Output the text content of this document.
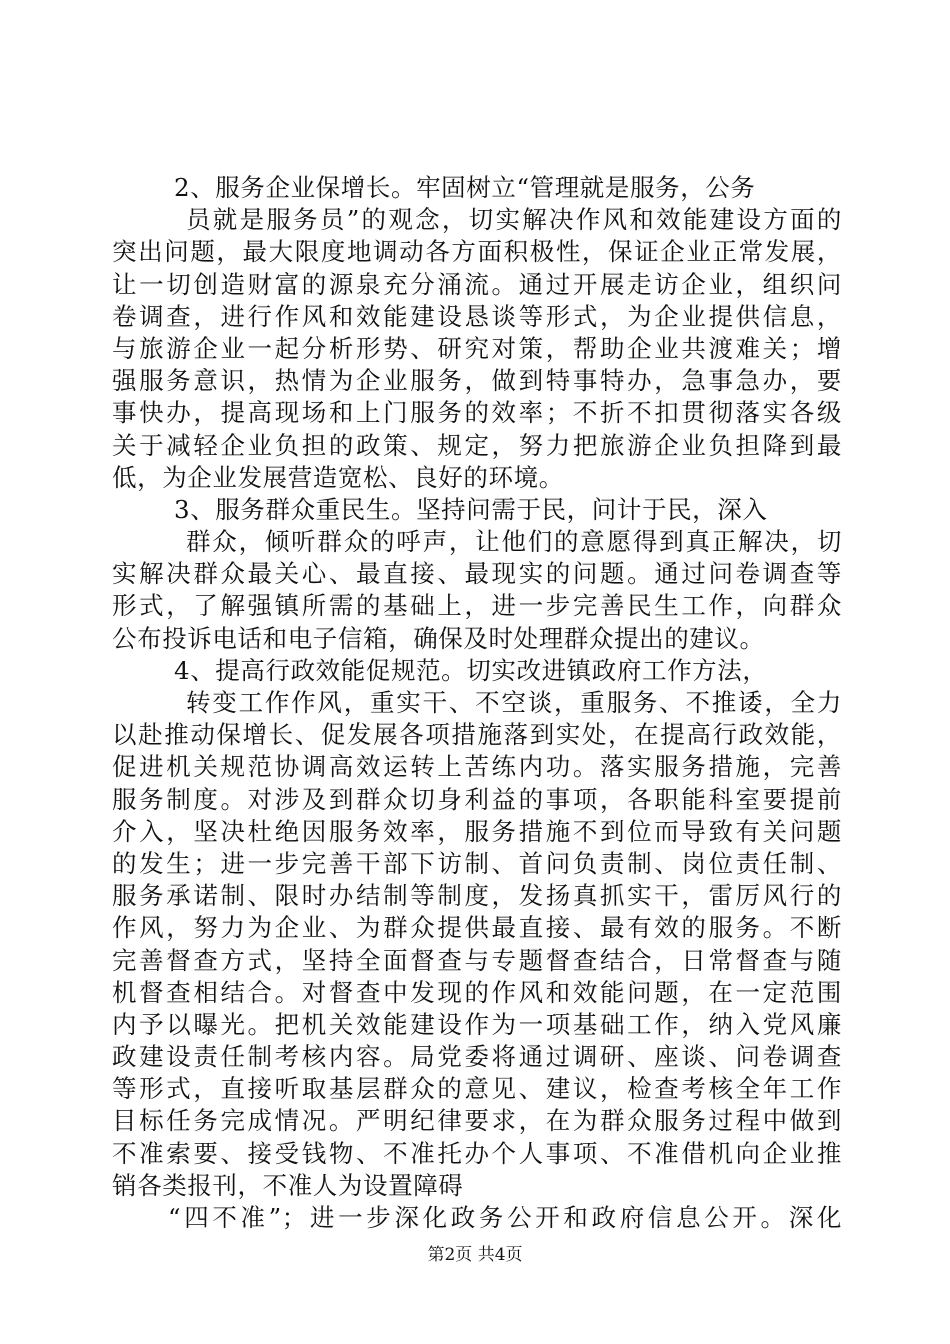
2、服务企业保增长。牢固树立“管理就是服务，公务
员就是服务员”的观念，切实解决作风和效能建设方面的
突出问题，最大限度地调动各方面积极性，保证企业正常发展，
让一切创造财富的源泉充分涌流。通过开展走访企业，组织问
卷调查，进行作风和效能建设恳谈等形式，为企业提供信息，
与旅游企业一起分析形势、研究对策，帮助企业共渡难关；增
强服务意识，热情为企业服务，做到特事特办，急事急办，要
事快办，提高现场和上门服务的效率；不折不扣贯彻落实各级
关于减轻企业负担的政策、规定，努力把旅游企业负担降到最
低，为企业发展营造宽松、良好的环境。
3、服务群众重民生。坚持问需于民，问计于民，深入
群众，倾听群众的呼声，让他们的意愿得到真正解决，切
实解决群众最关心、最直接、最现实的问题。通过问卷调查等
形式，了解强镇所需的基础上，进一步完善民生工作，向群众
公布投诉电话和电子信箱，确保及时处理群众提出的建议。
4、提高行政效能促规范。切实改进镇政府工作方法，
转变工作作风，重实干、不空谈，重服务、不推诿，全力
以赴推动保增长、促发展各项措施落到实处，在提高行政效能，
促进机关规范协调高效运转上苦练内功。落实服务措施，完善
服务制度。对涉及到群众切身利益的事项，各职能科室要提前
介入，坚决杜绝因服务效率，服务措施不到位而导致有关问题
的发生；进一步完善干部下访制、首问负责制、岗位责任制、
服务承诺制、限时办结制等制度，发扬真抓实干，雷厉风行的
作风，努力为企业、为群众提供最直接、最有效的服务。不断
完善督查方式，坚持全面督查与专题督查结合，日常督查与随
机督查相结合。对督查中发现的作风和效能问题，在一定范围
内予以曝光。把机关效能建设作为一项基础工作，纳入党风廉
政建设责任制考核内容。局党委将通过调研、座谈、问卷调查
等形式，直接听取基层群众的意见、建议，检查考核全年工作
目标任务完成情况。严明纪律要求，在为群众服务过程中做到
不准索要、接受钱物、不准托办个人事项、不准借机向企业推
销各类报刊，不准人为设置障碍
“四不准”；进一步深化政务公开和政府信息公开。深化
第2页 共4页
